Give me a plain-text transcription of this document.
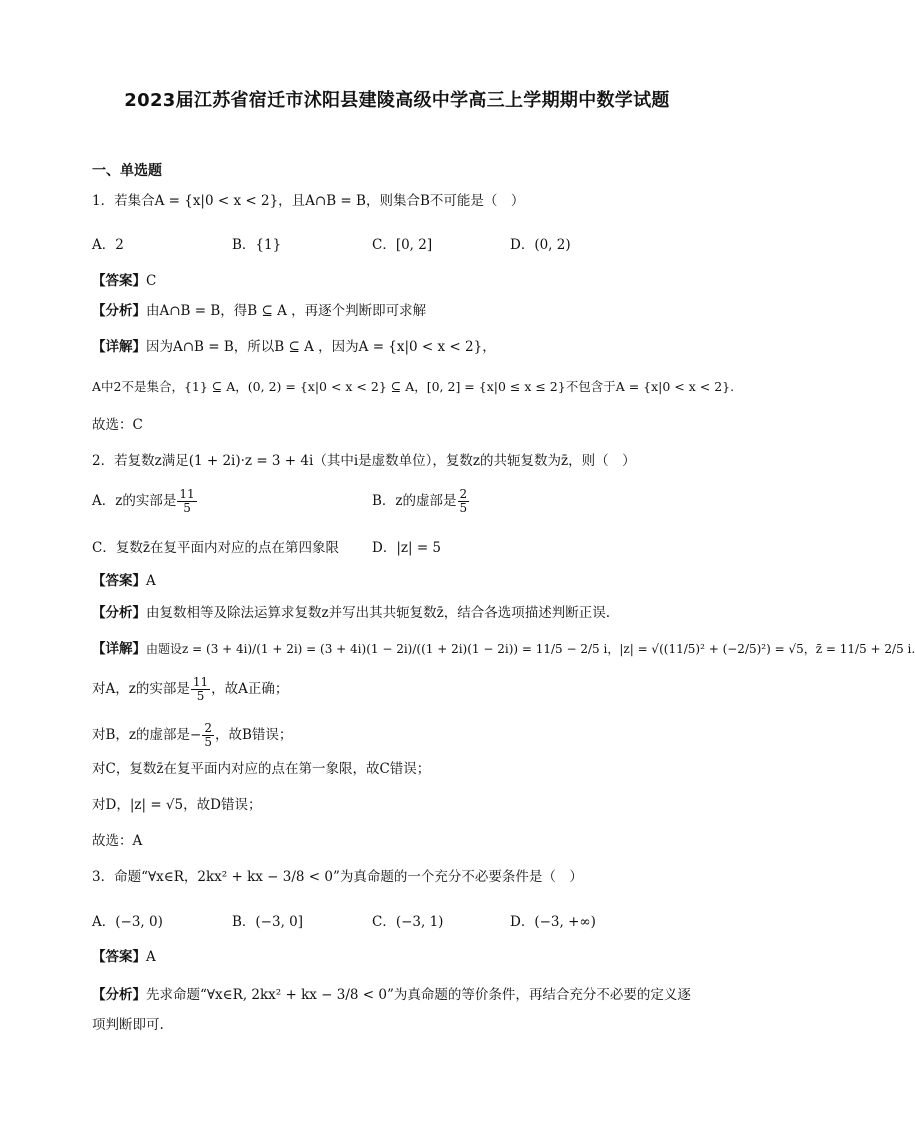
2023届江苏省宿迁市沭阳县建陵高级中学高三上学期期中数学试题
一、单选题
1．若集合A = {x|0 < x < 2}，且A∩B = B，则集合B不可能是（　）
A．2	B．{1}	C．[0, 2]	D．(0, 2)
【答案】C
【分析】由A∩B = B，得B ⊆ A ，再逐个判断即可求解
【详解】因为A∩B = B，所以B ⊆ A ，因为A = {x|0 < x < 2}，
A中2不是集合，{1} ⊆ A，(0, 2) = {x|0 < x < 2} ⊆ A，[0, 2] = {x|0 ≤ x ≤ 2}不包含于A = {x|0 < x < 2}.
故选：C
2．若复数z满足(1 + 2i)·z = 3 + 4i（其中i是虚数单位），复数z的共轭复数为z̄，则（　）
A．z的实部是 $\frac{11}{5}$	B．z的虚部是 $\frac{2}{5}$
C．复数z̄在复平面内对应的点在第四象限 D．|z| = 5
【答案】A
【分析】由复数相等及除法运算求复数z并写出其共轭复数z̄，结合各选项描述判断正误.
【详解】由题设z = (3 + 4i)/(1 + 2i) = (3 + 4i)(1 − 2i)/((1 + 2i)(1 − 2i)) = 11/5 − 2/5 i，|z| = √((11/5)² + (−2/5)²) = √5，z̄ = 11/5 + 2/5 i.
对A，z的实部是 $\frac{11}{5}$ ，故A正确；
对B，z的虚部是− $\frac{2}{5}$ ，故B错误；
对C，复数z̄在复平面内对应的点在第一象限，故C错误；
对D，|z| = √5，故D错误；
故选：A
3．命题“∀x∈R，2kx² + kx − 3/8 < 0”为真命题的一个充分不必要条件是（　）
A．(−3, 0)	B．(−3, 0]	C．(−3, 1)	D．(−3, +∞)
【答案】A
【分析】先求命题“∀x∈R, 2kx² + kx − 3/8 < 0”为真命题的等价条件，再结合充分不必要的定义逐项判断即可.
